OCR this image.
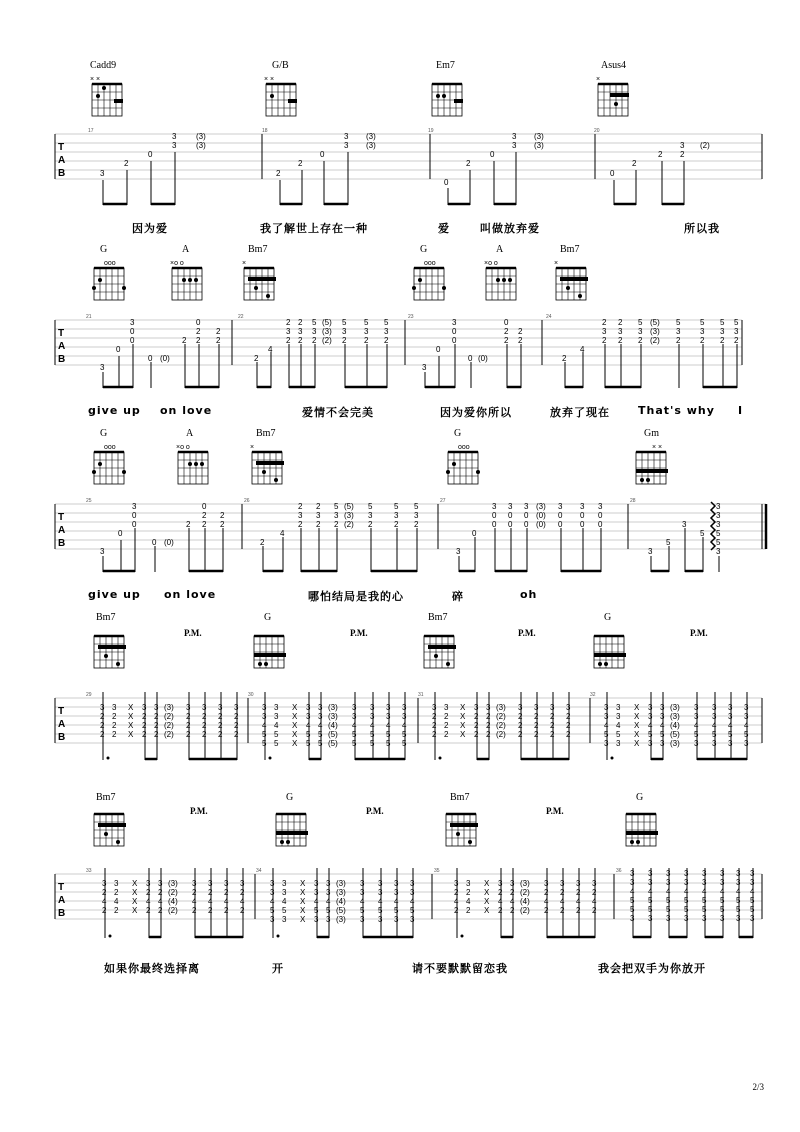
Cadd9	G/B	Em7	Asus4
× ×	× ×	×
T
A
B	3
2
0
3
3
(3)
(3)
2
2
0
3
3
(3)
(3)
0
2
0
3
3
(3)
(3)
0
2
2
3
2
(2)
17	18	19	20
ooo	×o o	×	ooo	×o o	×
T
A
B
21	22	23	24
3
0
3
0
0
0 (0)
2
0
2
2
2
2
2
4
2
3
2
2
3
2
5
3
2
(5)
(3)
(2)
5
3
2
5
3
2
5
3
2
3
0
3
0
0
0 (0)
0
2
2
2
2
2
4
2
3
2
2
3
2
5
3
2
(5)
(3)
(2)
5
3
2
5
3
2
5
3
2
5
3
2
ooo	×o o	×	ooo	× ×
T
A
B
25	26	27	28
3
0
3
0
0
0 (0)
2
0
2
2
2
2
2
4
2
3
2
2
3
2
5
3
2
(5)
(3)
(2)
5
3
2
5
3
2
5
3
2
3
0
3
0
0
3
0
0
3
0
0
(3)
(0)
(0)
3
0
0
3
0
0
3
0
0
3
5
3
5
3
3
3
5
5
3
T
A
B
29	30	31	32
3
2
2
2
3
2
2
2
X
X
X
X
3
2
2
2
3
2
2
2
(3)
(2)
(2)
(2)
3
2
2
2
3
2
2
2
3
2
2
2
3
2
2
2
3
3
4
5
5
3
3
4
5
5
X
X
X
X
X
3
3
4
5
5
3
3
4
5
5
(3)
(3)
(4)
(5)
(5)
3
3
4
5
5
3
3
4
5
5
3
3
4
5
5
3
3
4
5
5
3
2
2
2
3
2
2
2
X
X
X
X
3
2
2
2
3
2
2
2
(3)
(2)
(2)
(2)
3
2
2
2
3
2
2
2
3
2
2
2
3
2
2
2
3
3
4
5
3
3
3
4
5
3
X
X
X
X
X
3
3
4
5
3
3
3
4
5
3
(3)
(3)
(4)
(5)
(3)
3
3
4
5
3
3
3
4
5
3
3
3
4
5
3
3
3
4
5
3
T
A
B
33	34	35	36
3
2
4
2
3
2
4
2
X
X
X
X
3
2
4
2
3
2
4
2
(3)
(2)
(4)
(2)
3
2
4
2
3
2
4
2
3
2
4
2
3
2
4
2
3
3
4
5
3
3
3
4
5
3
X
X
X
X
X
3
3
4
5
3
3
3
4
5
3
(3)
(3)
(4)
(5)
(3)
3
3
4
5
3
3
3
4
5
3
3
3
4
5
3
3
3
4
5
3
3
2
4
2
3
2
4
2
X
X
X
X
3
2
4
2
3
2
4
2
(3)
(2)
(4)
(2)
3
2
4
2
3
2
4
2
3
2
4
2
3
2
4
2
3
3
4
5
5
3
3
3
4
5
5
3
3
3
4
5
5
3
3
3
4
5
5
3
3
3
4
5
5
3
3
3
4
5
5
3
3
3
4
5
5
3
3
3
4
5
5
3
G	A	Bm7	G	A	Bm7
G	A	Bm7	G	Gm
Bm7	G	Bm7	G
P.M.	P.M.	P.M.	P.M.
Bm7	G	Bm7	G
P.M.	P.M.	P.M.
因为爱	我了解世上存在一种	爱	叫做放弃爱	所以我
give up on love	爱情不会完美	因为爱你所以	放弃了现在	That's why I
give up on love	哪怕结局是我的心	碎	oh
如果你最终选择离	开	请不要默默留恋我	我会把双手为你放开
2/3
